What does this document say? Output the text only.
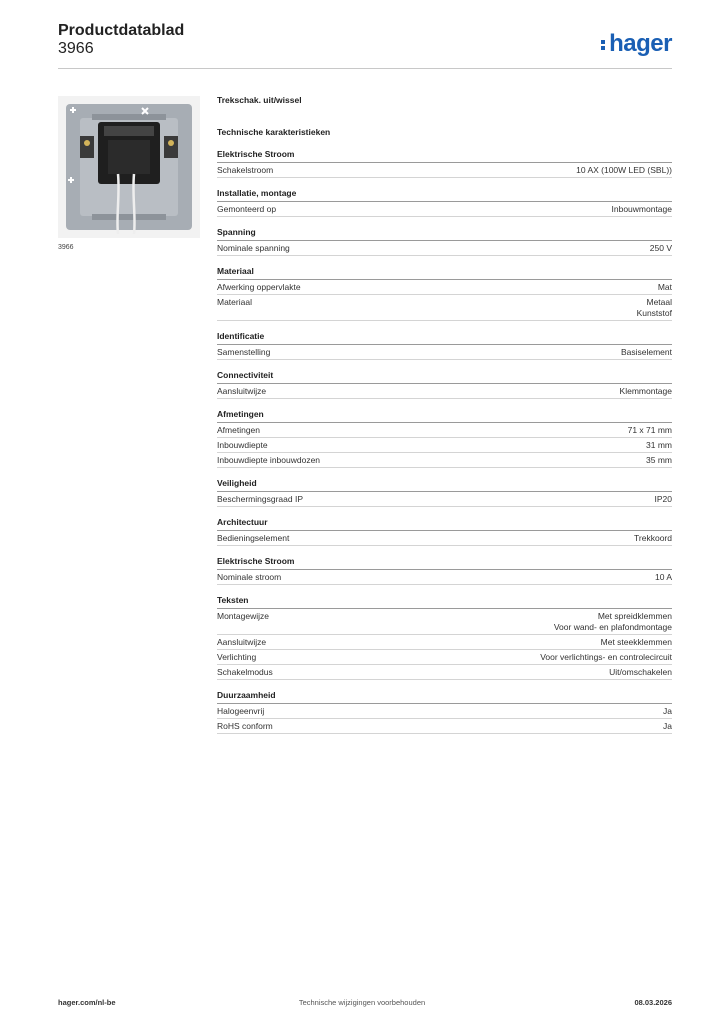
Productdatablad
3966	hager
3966
Trekschak. uit/wissel
Technische karakteristieken
Elektrische Stroom
Schakelstroom	10 AX (100W LED (SBL))
Installatie, montage
Gemonteerd op	Inbouwmontage
Spanning
Nominale spanning	250 V
Materiaal
Afwerking oppervlakte	Mat
Materiaal	Metaal
Kunststof
Identificatie
Samenstelling	Basiselement
Connectiviteit
Aansluitwijze	Klemmontage
Afmetingen
Afmetingen	71 x 71 mm
Inbouwdiepte	31 mm
Inbouwdiepte inbouwdozen	35 mm
Veiligheid
Beschermingsgraad IP	IP20
Architectuur
Bedieningselement	Trekkoord
Elektrische Stroom
Nominale stroom	10 A
Teksten
Montagewijze	Met spreidklemmen
Voor wand- en plafondmontage
Aansluitwijze	Met steekklemmen
Verlichting	Voor verlichtings- en controlecircuit
Schakelmodus	Uit/omschakelen
Duurzaamheid
Halogeenvrij	Ja
RoHS conform	Ja
hager.com/nl-be	Technische wijzigingen voorbehouden	08.03.2026
